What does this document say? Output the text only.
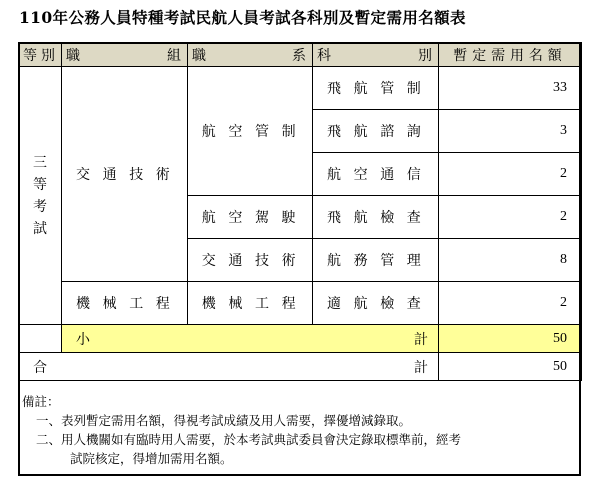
110年公務人員特種考試民航人員考試各科別及暫定需用名額表
等 別	職 組	職 系	科 別	暫定需用名額

三等考試	交通技術	航空管制	飛航管制	33
			飛航諮詢	3
			航空通信	2
		航空駕駛	飛航檢查	2
		交通技術	航務管理	8
	機械工程	機械工程	適航檢查	2

	小 計			50

合 計				50
備註：
一、表列暫定需用名額，得視考試成績及用人需要，擇優增減錄取。
二、用人機關如有臨時用人需要，於本考試典試委員會決定錄取標準前，經考
試院核定，得增加需用名額。
